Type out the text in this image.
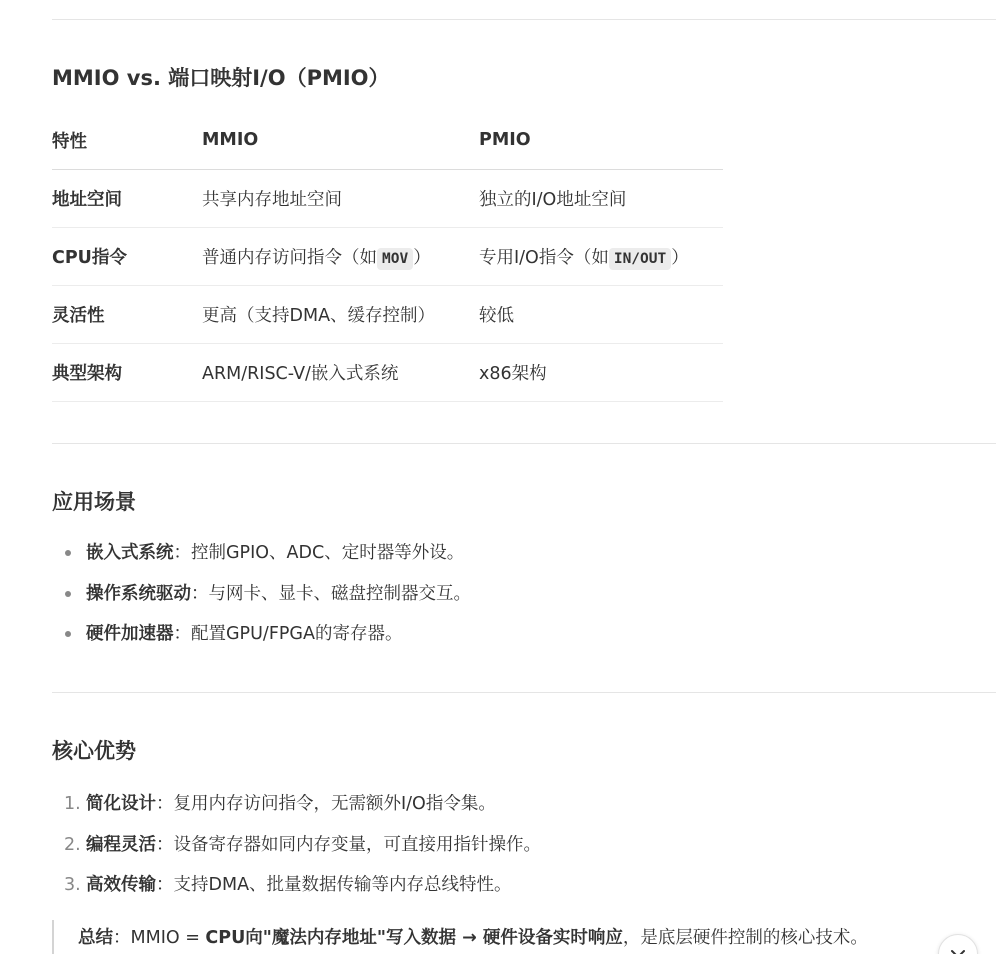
MMIO vs. 端口映射I/O（PMIO）
特性	MMIO	PMIO
地址空间	共享内存地址空间	独立的I/O地址空间
CPU指令	普通内存访问指令（如 MOV ）	专用I/O指令（如 IN/OUT ）
灵活性	更高（支持DMA、缓存控制）	较低
典型架构	ARM/RISC-V/嵌入式系统	x86架构
应用场景
嵌入式系统：控制GPIO、ADC、定时器等外设。
操作系统驱动：与网卡、显卡、磁盘控制器交互。
硬件加速器：配置GPU/FPGA的寄存器。
核心优势
1. 简化设计：复用内存访问指令，无需额外I/O指令集。
2. 编程灵活：设备寄存器如同内存变量，可直接用指针操作。
3. 高效传输：支持DMA、批量数据传输等内存总线特性。
总结：MMIO = CPU向"魔法内存地址"写入数据 → 硬件设备实时响应，是底层硬件控制的核心技术。
